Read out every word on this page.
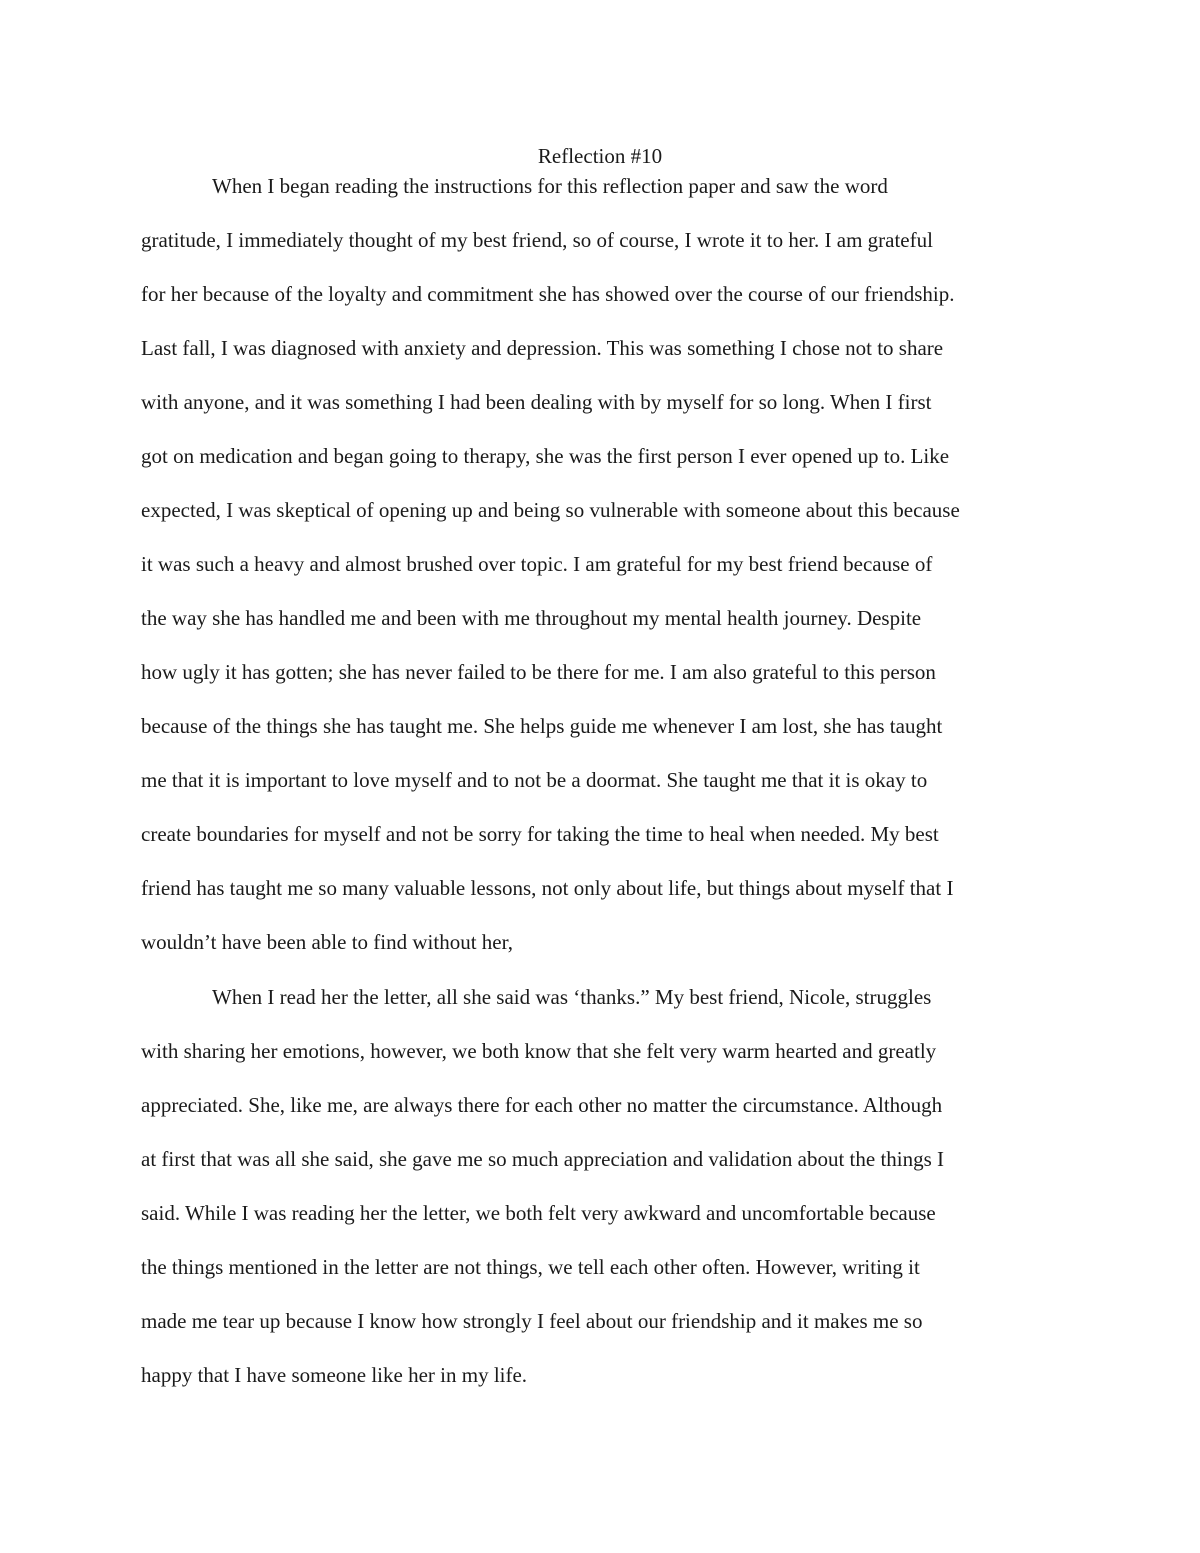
Reflection #10

When I began reading the instructions for this reflection paper and saw the word

gratitude, I immediately thought of my best friend, so of course, I wrote it to her. I am grateful

for her because of the loyalty and commitment she has showed over the course of our friendship.

Last fall, I was diagnosed with anxiety and depression. This was something I chose not to share

with anyone, and it was something I had been dealing with by myself for so long. When I first

got on medication and began going to therapy, she was the first person I ever opened up to. Like

expected, I was skeptical of opening up and being so vulnerable with someone about this because

it was such a heavy and almost brushed over topic. I am grateful for my best friend because of

the way she has handled me and been with me throughout my mental health journey. Despite

how ugly it has gotten; she has never failed to be there for me. I am also grateful to this person

because of the things she has taught me. She helps guide me whenever I am lost, she has taught

me that it is important to love myself and to not be a doormat. She taught me that it is okay to

create boundaries for myself and not be sorry for taking the time to heal when needed. My best

friend has taught me so many valuable lessons, not only about life, but things about myself that I

wouldn’t have been able to find without her,

When I read her the letter, all she said was ‘thanks.” My best friend, Nicole, struggles

with sharing her emotions, however, we both know that she felt very warm hearted and greatly

appreciated. She, like me, are always there for each other no matter the circumstance. Although

at first that was all she said, she gave me so much appreciation and validation about the things I

said. While I was reading her the letter, we both felt very awkward and uncomfortable because

the things mentioned in the letter are not things, we tell each other often. However, writing it

made me tear up because I know how strongly I feel about our friendship and it makes me so

happy that I have someone like her in my life.
